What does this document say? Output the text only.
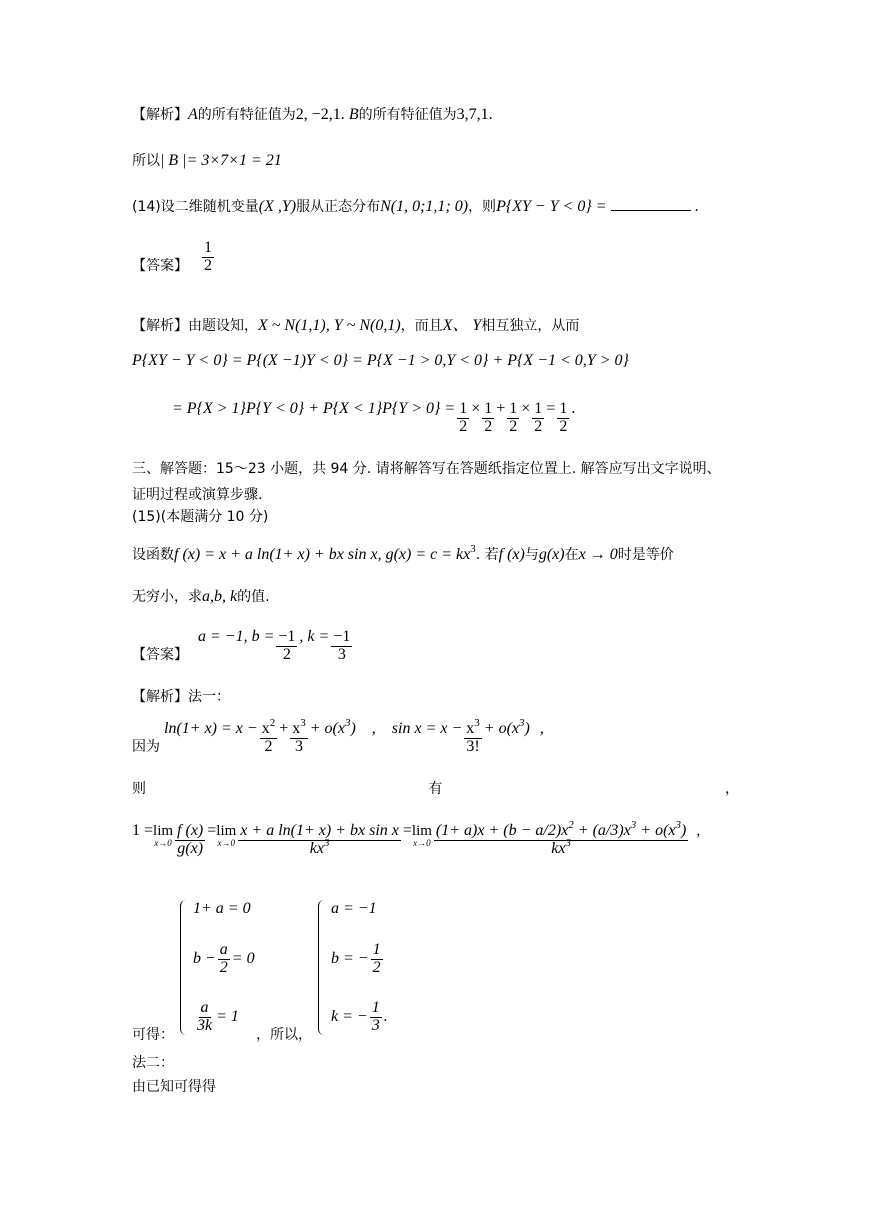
【解析】 A 的所有特征值为 2, −2,1. B 的所有特征值为 3,7,1.
所以 | B |= 3×7×1 = 21
(14)设二维随机变量 (X ,Y) 服从正态分布 N(1, 0;1,1; 0) ，则 P{XY − Y < 0} =	.
【答案】 $\frac{1}{2}$
【解析】 由题设知， X ~ N(1,1), Y ~ N(0,1) ，而且 X、 Y 相互独立，从而
P{XY − Y < 0} = P{(X −1)Y < 0} = P{X −1 > 0,Y < 0} + P{X −1 < 0,Y > 0}
= $P\{X > 1\}P\{Y < 0\} + P\{X < 1\}P\{Y > 0\} = \frac{1}{2} \times \frac{1}{2} + \frac{1}{2} \times \frac{1}{2} = \frac{1}{2}$ .
三、解答题：15～23 小题，共 94 分. 请将解答写在答题纸指定位置上. 解答应写出文字说明、
证明过程或演算步骤.
(15)(本题满分 10 分)
设函数 f (x) = x + a ln(1+ x) + bx sin x, g(x) = c = kx 3 . 若 f (x) 与 g(x) 在 x → 0 时是等价
无穷小，求 a,b, k 的值.
【答案】
a = −1, $b = \frac{-1}{2}$ , $k = \frac{-1}{3}$
【解析】法一：
因为
$\ln(1+ x) = x - \frac{x^2}{2} + \frac{x^3}{3} + o(x^3)$ , $\sin x = x - \frac{x^3}{3!} + o(x^3)$ ,
则	有	，
1 = lim
$x\to 0 \frac{f (x)}{g(x)} = \lim$
$x\to 0 \frac{\text{x + a ln(1+ x) + bx sin x}}{kx^3} = \lim$
$x\to 0 \frac{(1+ a)x + (b - a/2)x^2 + (a/3)x^3 + o(x^3)}{kx^3}$ ,
1+ a = 0
$b - \frac{a}{2} = 0$
$\frac{a}{3k} = 1$
a = −1
b = − $\frac{1}{2}$
k = − $\frac{1}{3}$ .
可得：	，所以，
法二：
由已知可得得
